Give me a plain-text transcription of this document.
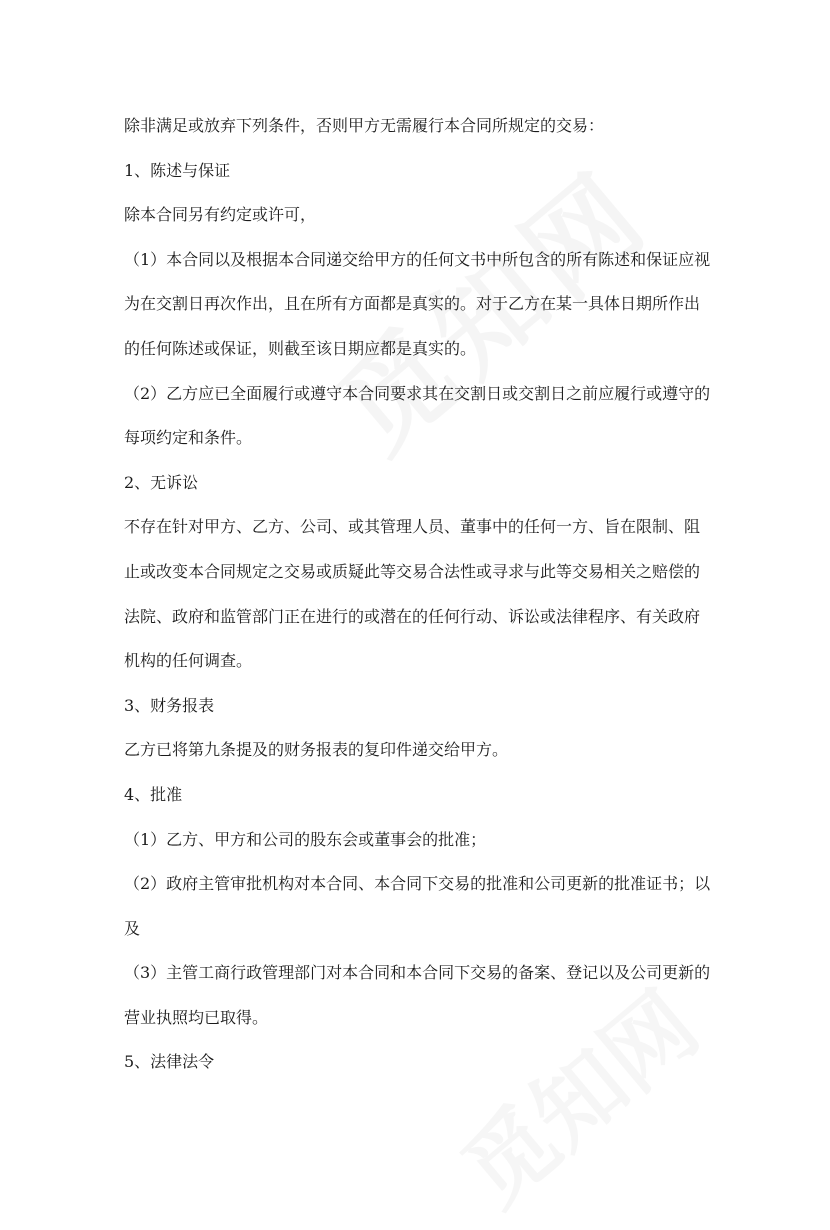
除非满足或放弃下列条件，否则甲方无需履行本合同所规定的交易：

1、陈述与保证

除本合同另有约定或许可，

（1）本合同以及根据本合同递交给甲方的任何文书中所包含的所有陈述和保证应视为在交割日再次作出，且在所有方面都是真实的。对于乙方在某一具体日期所作出的任何陈述或保证，则截至该日期应都是真实的。

（2）乙方应已全面履行或遵守本合同要求其在交割日或交割日之前应履行或遵守的每项约定和条件。

2、无诉讼

不存在针对甲方、乙方、公司、或其管理人员、董事中的任何一方、旨在限制、阻止或改变本合同规定之交易或质疑此等交易合法性或寻求与此等交易相关之赔偿的法院、政府和监管部门正在进行的或潜在的任何行动、诉讼或法律程序、有关政府机构的任何调查。

3、财务报表

乙方已将第九条提及的财务报表的复印件递交给甲方。

4、批准

（1）乙方、甲方和公司的股东会或董事会的批准；

（2）政府主管审批机构对本合同、本合同下交易的批准和公司更新的批准证书；以及

（3）主管工商行政管理部门对本合同和本合同下交易的备案、登记以及公司更新的营业执照均已取得。

5、法律法令
